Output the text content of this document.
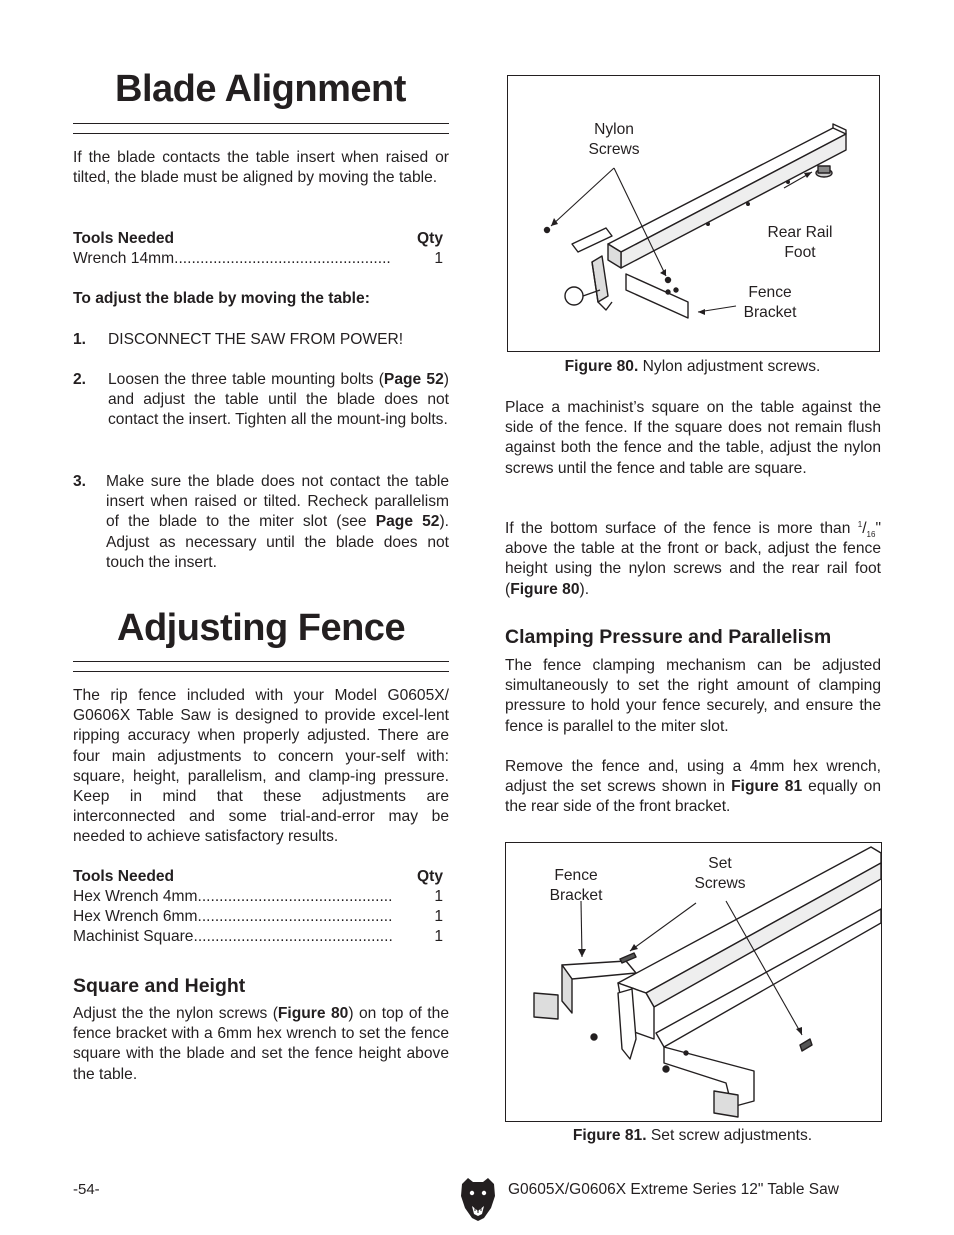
Blade Alignment
If the blade contacts the table insert when raised or tilted, the blade must be aligned by moving the table.
Tools Needed	Qty
Wrench 14mm..................................................	1
To adjust the blade by moving the table:
1. DISCONNECT THE SAW FROM POWER!
2. Loosen the three table mounting bolts (Page 52) and adjust the table until the blade does not contact the insert. Tighten all the mount-ing bolts.
3. Make sure the blade does not contact the table insert when raised or tilted. Recheck parallelism of the blade to the miter slot (see Page 52). Adjust as necessary until the blade does not touch the insert.
Adjusting Fence
The rip fence included with your Model G0605X/ G0606X Table Saw is designed to provide excel-lent ripping accuracy when properly adjusted. There are four main adjustments to concern your-self with: square, height, parallelism, and clamp-ing pressure. Keep in mind that these adjustments are interconnected and some trial-and-error may be needed to achieve satisfactory results.
Tools Needed	Qty
Hex Wrench 4mm.............................................	1
Hex Wrench 6mm.............................................	1
Machinist Square..............................................	1
Square and Height
Adjust the the nylon screws (Figure 80) on top of the fence bracket with a 6mm hex wrench to set the fence square with the blade and set the fence height above the table.
Nylon Screws
Rear Rail Foot
Fence Bracket
Figure 80. Nylon adjustment screws.
Place a machinist’s square on the table against the side of the fence. If the square does not remain flush against both the fence and the table, adjust the nylon screws until the fence and table are square.
If the bottom surface of the fence is more than $^1/_{16}$" above the table at the front or back, adjust the fence height using the nylon screws and the rear rail foot (Figure 80).
Clamping Pressure and Parallelism
The fence clamping mechanism can be adjusted simultaneously to set the right amount of clamping pressure to hold your fence securely, and ensure the fence is parallel to the miter slot.
Remove the fence and, using a 4mm hex wrench, adjust the set screws shown in Figure 81 equally on the rear side of the front bracket.
Fence Bracket
Set Screws
Figure 81. Set screw adjustments.
-54-	G0605X/G0606X Extreme Series 12" Table Saw
